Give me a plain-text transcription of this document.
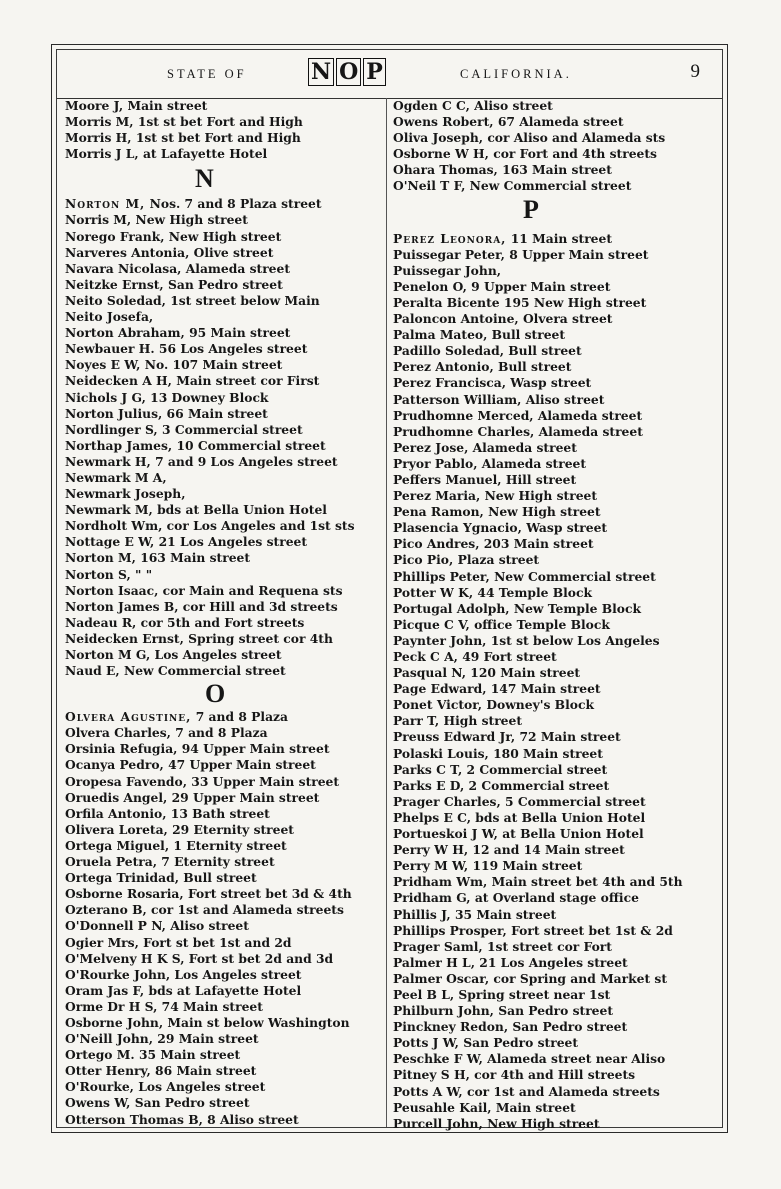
STATE OF	N O P	CALIFORNIA.	9
Moore J, Main street
Morris M, 1st st bet Fort and High
Morris H, 1st st bet Fort and High
Morris J L, at Lafayette Hotel
N
Norton M, Nos. 7 and 8 Plaza street
Norris M, New High street
Norego Frank, New High street
Narveres Antonia, Olive street
Navara Nicolasa, Alameda street
Neitzke Ernst, San Pedro street
Neito Soledad, 1st street below Main
Neito Josefa,
Norton Abraham, 95 Main street
Newbauer H. 56 Los Angeles street
Noyes E W, No. 107 Main street
Neidecken A H, Main street cor First
Nichols J G, 13 Downey Block
Norton Julius, 66 Main street
Nordlinger S, 3 Commercial street
Northap James, 10 Commercial street
Newmark H, 7 and 9 Los Angeles street
Newmark M A,
Newmark Joseph,
Newmark M, bds at Bella Union Hotel
Nordholt Wm, cor Los Angeles and 1st sts
Nottage E W, 21 Los Angeles street
Norton M, 163 Main street
Norton S, " "
Norton Isaac, cor Main and Requena sts
Norton James B, cor Hill and 3d streets
Nadeau R, cor 5th and Fort streets
Neidecken Ernst, Spring street cor 4th
Norton M G, Los Angeles street
Naud E, New Commercial street
O
Olvera Agustine, 7 and 8 Plaza
Olvera Charles, 7 and 8 Plaza
Orsinia Refugia, 94 Upper Main street
Ocanya Pedro, 47 Upper Main street
Oropesa Favendo, 33 Upper Main street
Oruedis Angel, 29 Upper Main street
Orfila Antonio, 13 Bath street
Olivera Loreta, 29 Eternity street
Ortega Miguel, 1 Eternity street
Oruela Petra, 7 Eternity street
Ortega Trinidad, Bull street
Osborne Rosaria, Fort street bet 3d & 4th
Ozterano B, cor 1st and Alameda streets
O'Donnell P N, Aliso street
Ogier Mrs, Fort st bet 1st and 2d
O'Melveny H K S, Fort st bet 2d and 3d
O'Rourke John, Los Angeles street
Oram Jas F, bds at Lafayette Hotel
Orme Dr H S, 74 Main street
Osborne John, Main st below Washington
O'Neill John, 29 Main street
Ortego M. 35 Main street
Otter Henry, 86 Main street
O'Rourke, Los Angeles street
Owens W, San Pedro street
Otterson Thomas B, 8 Aliso street
Ogden C C, Aliso street
Owens Robert, 67 Alameda street
Oliva Joseph, cor Aliso and Alameda sts
Osborne W H, cor Fort and 4th streets
Ohara Thomas, 163 Main street
O'Neil T F, New Commercial street
P
Perez Leonora, 11 Main street
Puissegar Peter, 8 Upper Main street
Puissegar John,
Penelon O, 9 Upper Main street
Peralta Bicente 195 New High street
Paloncon Antoine, Olvera street
Palma Mateo, Bull street
Padillo Soledad, Bull street
Perez Antonio, Bull street
Perez Francisca, Wasp street
Patterson William, Aliso street
Prudhomne Merced, Alameda street
Prudhomne Charles, Alameda street
Perez Jose, Alameda street
Pryor Pablo, Alameda street
Peffers Manuel, Hill street
Perez Maria, New High street
Pena Ramon, New High street
Plasencia Ygnacio, Wasp street
Pico Andres, 203 Main street
Pico Pio, Plaza street
Phillips Peter, New Commercial street
Potter W K, 44 Temple Block
Portugal Adolph, New Temple Block
Picque C V, office Temple Block
Paynter John, 1st st below Los Angeles
Peck C A, 49 Fort street
Pasqual N, 120 Main street
Page Edward, 147 Main street
Ponet Victor, Downey's Block
Parr T, High street
Preuss Edward Jr, 72 Main street
Polaski Louis, 180 Main street
Parks C T, 2 Commercial street
Parks E D, 2 Commercial street
Prager Charles, 5 Commercial street
Phelps E C, bds at Bella Union Hotel
Portueskoi J W, at Bella Union Hotel
Perry W H, 12 and 14 Main street
Perry M W, 119 Main street
Pridham Wm, Main street bet 4th and 5th
Pridham G, at Overland stage office
Phillis J, 35 Main street
Phillips Prosper, Fort street bet 1st & 2d
Prager Saml, 1st street cor Fort
Palmer H L, 21 Los Angeles street
Palmer Oscar, cor Spring and Market st
Peel B L, Spring street near 1st
Philburn John, San Pedro street
Pinckney Redon, San Pedro street
Potts J W, San Pedro street
Peschke F W, Alameda street near Aliso
Pitney S H, cor 4th and Hill streets
Potts A W, cor 1st and Alameda streets
Peusahle Kail, Main street
Purcell John, New High street
